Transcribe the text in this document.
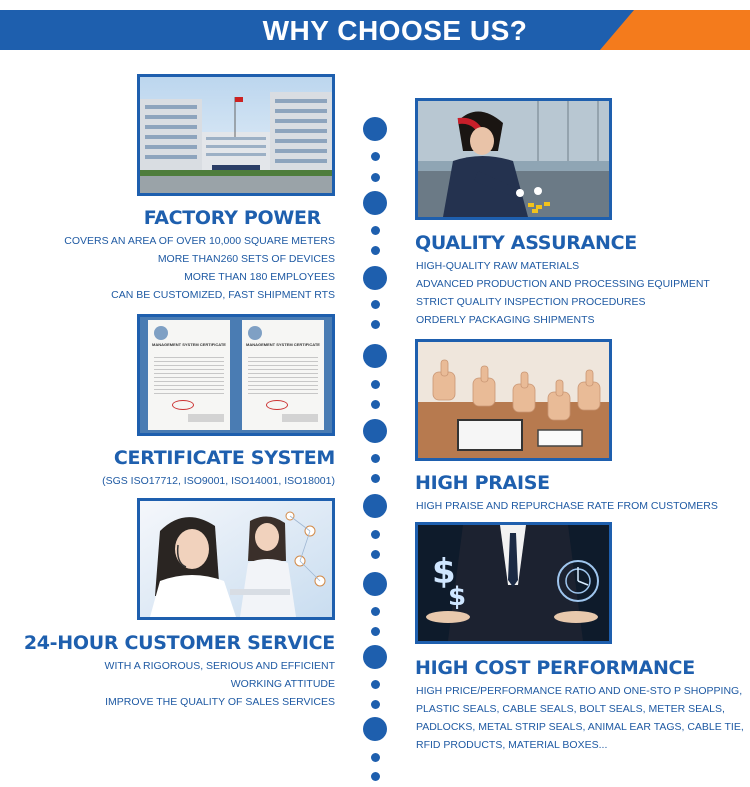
WHY CHOOSE US?
FACTORY POWER
COVERS AN AREA OF OVER 10,000 SQUARE METERS
MORE THAN260 SETS OF DEVICES
MORE THAN 180 EMPLOYEES
CAN BE CUSTOMIZED, FAST SHIPMENT RTS
MANAGEMENT SYSTEM CERTIFICATE	MANAGEMENT SYSTEM CERTIFICATE
CERTIFICATE SYSTEM
(SGS ISO17712, ISO9001, ISO14001, ISO18001)
24-HOUR CUSTOMER SERVICE
WITH A RIGOROUS, SERIOUS AND EFFICIENT
WORKING ATTITUDE
IMPROVE THE QUALITY OF SALES SERVICES
QUALITY ASSURANCE
HIGH-QUALITY RAW MATERIALS
ADVANCED PRODUCTION AND PROCESSING EQUIPMENT
STRICT QUALITY INSPECTION PROCEDURES
ORDERLY PACKAGING SHIPMENTS
HIGH PRAISE
HIGH PRAISE AND REPURCHASE RATE FROM CUSTOMERS
$
$
HIGH COST PERFORMANCE
HIGH PRICE/PERFORMANCE RATIO AND ONE-STO P SHOPPING,
PLASTIC SEALS, CABLE SEALS, BOLT SEALS, METER SEALS,
PADLOCKS, METAL STRIP SEALS, ANIMAL EAR TAGS, CABLE TIE,
RFID PRODUCTS, MATERIAL BOXES...
